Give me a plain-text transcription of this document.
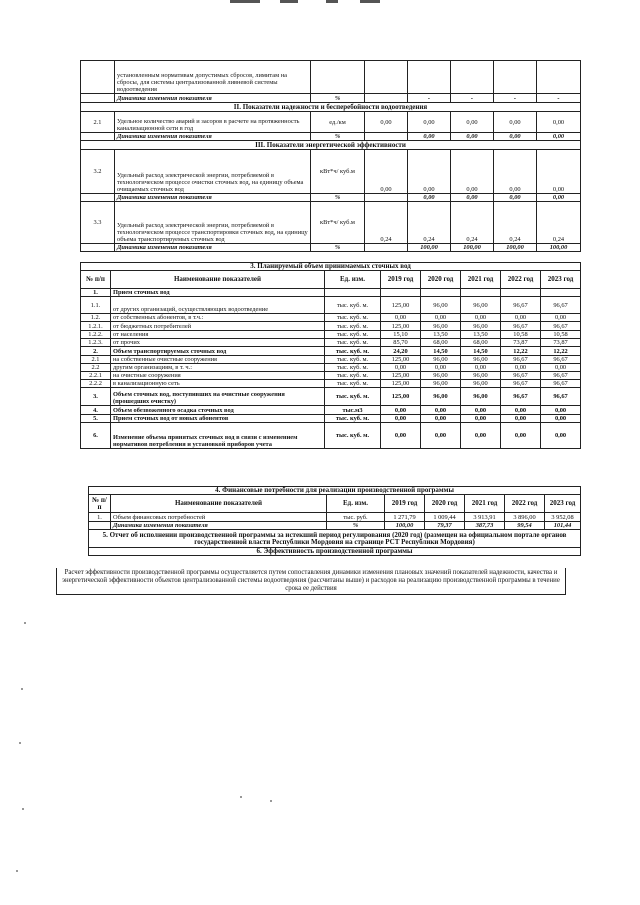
	установленным нормативам допустимых сбросов, лимитам на сбросы, для системы централизованной ливневой системы водоотведения						
	Динамика изменения показателя	%		-	-	-	-
II. Показатели надежности и бесперебойности водоотведения							
2.1	Удельное количество аварий и засоров в расчете на протяженность канализационной сети в год	ед./км	0,00	0,00	0,00	0,00	0,00
	Динамика изменения показателя	%		0,00	0,00	0,00	0,00
III. Показатели энергетической эффективности							
3.2	Удельный расход электрической энергии, потребляемой в технологическом процессе очистки сточных вод, на единицу объема очищаемых сточных вод	кВт*ч/ куб.м	0,00	0,00	0,00	0,00	0,00
	Динамика изменения показателя	%		0,00	0,00	0,00	0,00
3.3	Удельный расход электрической энергии, потребляемой в технологическом процессе транспортировки сточных вод, на единицу объема транспортируемых сточных вод	кВт*ч/ куб.м	0,24	0,24	0,24	0,24	0,24
	Динамика изменения показателя	%		100,00	100,00	100,00	100,00
3. Планируемый объем принимаемых сточных вод							
№ п/п	Наименование показателей	Ед. изм.	2019 год	2020 год	2021 год	2022 год	2023 год
1.	Прием сточных вод						
1.1.	от других организаций, осуществляющих водоотведение	тыс. куб. м.	125,00	96,00	96,00	96,67	96,67
1.2.	от собственных абонентов, в т.ч.:	тыс. куб. м.	0,00	0,00	0,00	0,00	0,00
1.2.1.	от бюджетных потребителей	тыс. куб. м.	125,00	96,00	96,00	96,67	96,67
1.2.2.	от населения	тыс. куб. м.	15,10	13,50	13,50	10,58	10,58
1.2.3.	от прочих	тыс. куб. м.	85,70	68,00	68,00	73,87	73,87
2.	Объем транспортируемых сточных вод	тыс. куб. м.	24,20	14,50	14,50	12,22	12,22
2.1	на собственные очистные сооружения	тыс. куб. м.	125,00	96,00	96,00	96,67	96,67
2.2	другим организациям, в т. ч.:	тыс. куб. м.	0,00	0,00	0,00	0,00	0,00
2.2.1	на очистные сооружения	тыс. куб. м.	125,00	96,00	96,00	96,67	96,67
2.2.2	в канализационную сеть	тыс. куб. м.	125,00	96,00	96,00	96,67	96,67
3.	Объем сточных вод, поступивших на очистные сооружения (прошедших очистку)	тыс. куб. м.	125,00	96,00	96,00	96,67	96,67
4.	Объем обезвоженного осадка сточных вод	тыс.м3	0,00	0,00	0,00	0,00	0,00
5.	Прием сточных вод от новых абонентов	тыс. куб. м.	0,00	0,00	0,00	0,00	0,00
6.	Изменение объема принятых сточных вод в связи с изменением нормативов потребления и установкой приборов учета	тыс. куб. м.	0,00	0,00	0,00	0,00	0,00
4. Финансовые потребности для реализации производственной программы							
№ п/п	Наименование показателей	Ед. изм.	2019 год	2020 год	2021 год	2022 год	2023 год
1.	Объем финансовых потребностей	тыс. руб.	1 271,79	1 009,44	3 913,91	3 896,00	3 952,08
	Динамика изменения показателя	%	100,00	79,37	387,73	99,54	101,44
5. Отчет об исполнении производственной программы за истекший период регулирования (2020 год) (размещен на официальном портале органов государственной власти Республики Мордовия на странице РСТ Республики Мордовия)							
6. Эффективность производственной программы							
Расчет эффективности производственной программы осуществляется путем сопоставления динамики изменения плановых значений показателей надежности, качества и энергетической эффективности объектов централизованной системы водоотведения (рассчитаны выше) и расходов на реализацию производственной программы в течение срока ее действия
